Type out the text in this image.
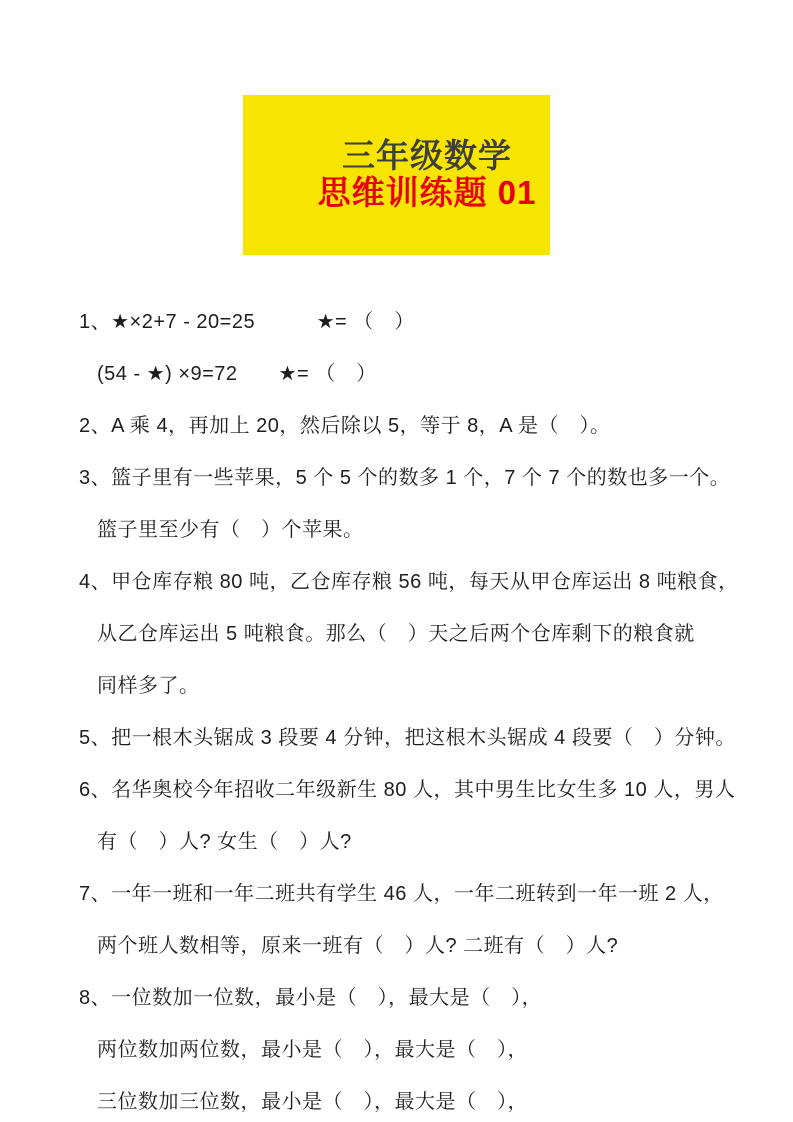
三年级数学
思维训练题 01

1、★×2+7 - 20=25　　　★= （　）
(54 - ★) ×9=72　　★= （　）
2、A 乘 4，再加上 20，然后除以 5，等于 8，A 是（　）。
3、篮子里有一些苹果，5 个 5 个的数多 1 个，7 个 7 个的数也多一个。
篮子里至少有（　）个苹果。
4、甲仓库存粮 80 吨，乙仓库存粮 56 吨，每天从甲仓库运出 8 吨粮食，
从乙仓库运出 5 吨粮食。那么（　）天之后两个仓库剩下的粮食就
同样多了。
5、把一根木头锯成 3 段要 4 分钟，把这根木头锯成 4 段要（　）分钟。
6、名华奥校今年招收二年级新生 80 人，其中男生比女生多 10 人，男人
有（　）人? 女生（　）人?
7、一年一班和一年二班共有学生 46 人，一年二班转到一年一班 2 人，
两个班人数相等，原来一班有（　）人? 二班有（　）人?
8、一位数加一位数，最小是（　），最大是（　），
两位数加两位数，最小是（　），最大是（　），
三位数加三位数，最小是（　），最大是（　），
